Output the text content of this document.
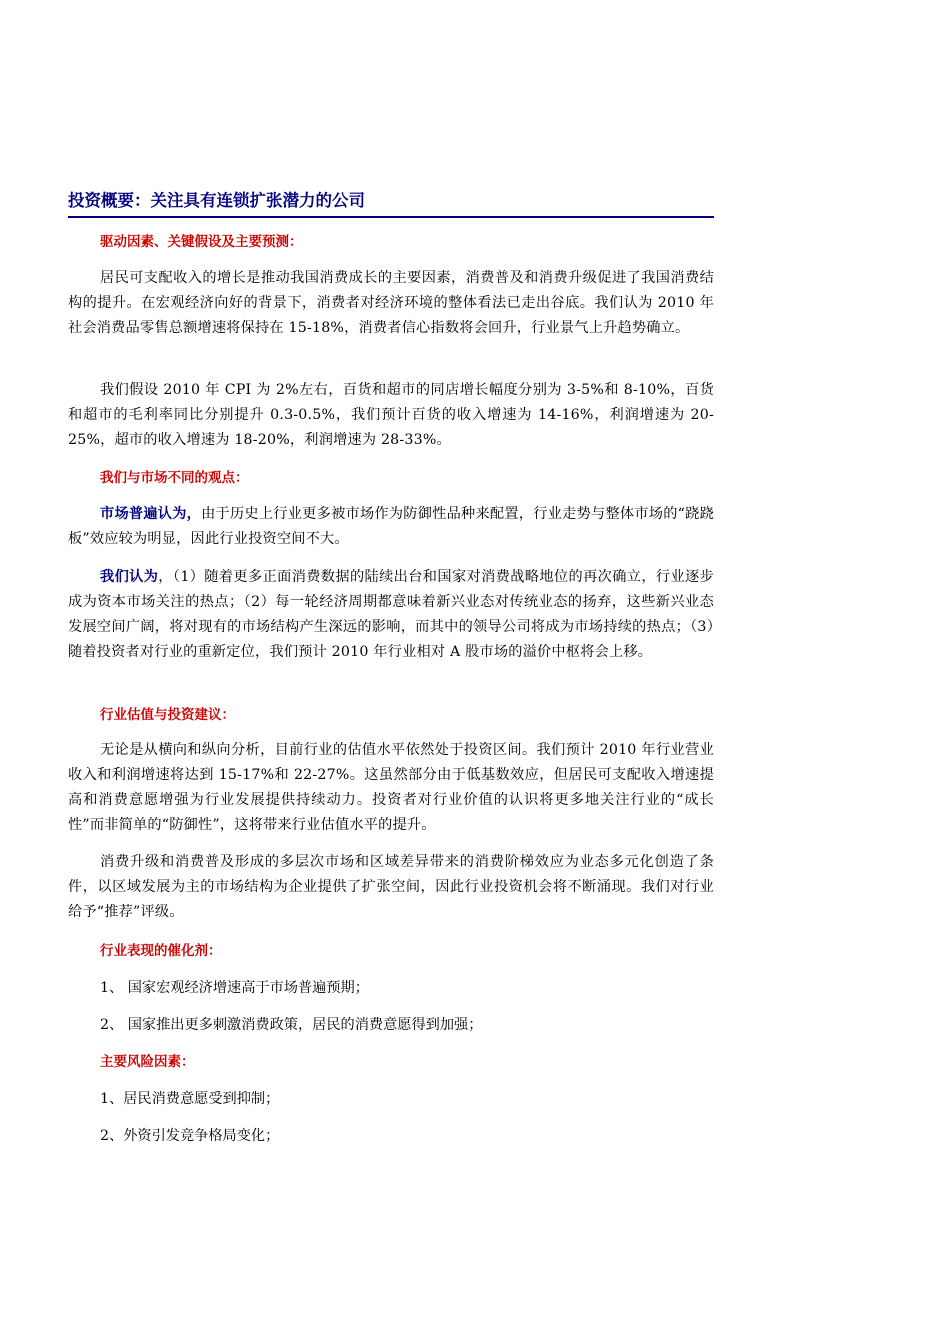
投资概要：关注具有连锁扩张潜力的公司
驱动因素、关键假设及主要预测：
居民可支配收入的增长是推动我国消费成长的主要因素，消费普及和消费升级促进了我国消费结构的提升。在宏观经济向好的背景下，消费者对经济环境的整体看法已走出谷底。我们认为 2010 年社会消费品零售总额增速将保持在 15-18%，消费者信心指数将会回升，行业景气上升趋势确立。
我们假设 2010 年 CPI 为 2%左右，百货和超市的同店增长幅度分别为 3-5%和 8-10%，百货和超市的毛利率同比分别提升 0.3-0.5%，我们预计百货的收入增速为 14-16%，利润增速为 20-25%，超市的收入增速为 18-20%，利润增速为 28-33%。
我们与市场不同的观点：
市场普遍认为，由于历史上行业更多被市场作为防御性品种来配置，行业走势与整体市场的“跷跷板”效应较为明显，因此行业投资空间不大。
我们认为，（1）随着更多正面消费数据的陆续出台和国家对消费战略地位的再次确立，行业逐步成为资本市场关注的热点；（2）每一轮经济周期都意味着新兴业态对传统业态的扬弃，这些新兴业态发展空间广阔，将对现有的市场结构产生深远的影响，而其中的领导公司将成为市场持续的热点；（3）随着投资者对行业的重新定位，我们预计 2010 年行业相对 A 股市场的溢价中枢将会上移。
行业估值与投资建议：
无论是从横向和纵向分析，目前行业的估值水平依然处于投资区间。我们预计 2010 年行业营业收入和利润增速将达到 15-17%和 22-27%。这虽然部分由于低基数效应，但居民可支配收入增速提高和消费意愿增强为行业发展提供持续动力。投资者对行业价值的认识将更多地关注行业的“成长性”而非简单的“防御性”，这将带来行业估值水平的提升。
消费升级和消费普及形成的多层次市场和区域差异带来的消费阶梯效应为业态多元化创造了条件，以区域发展为主的市场结构为企业提供了扩张空间，因此行业投资机会将不断涌现。我们对行业给予“推荐”评级。
行业表现的催化剂：
1、 国家宏观经济增速高于市场普遍预期；
2、 国家推出更多刺激消费政策，居民的消费意愿得到加强；
主要风险因素：
1、居民消费意愿受到抑制；
2、外资引发竞争格局变化；
